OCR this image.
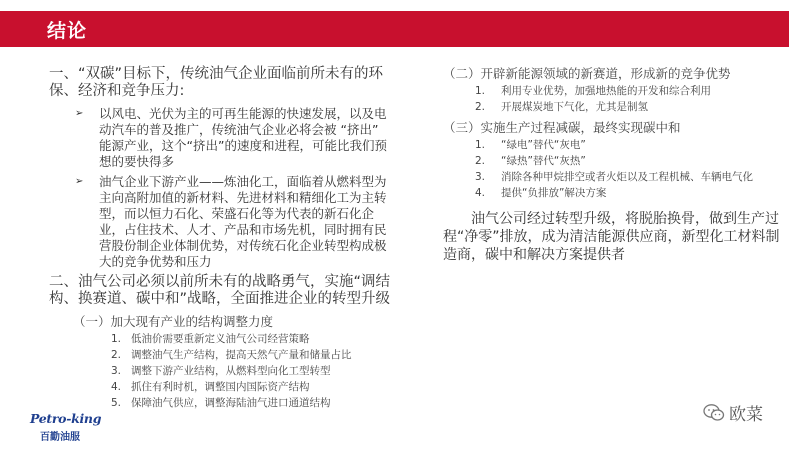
结论
一、“双碳”目标下，传统油气企业面临前所未有的环保、经济和竞争压力:
➢	以风电、光伏为主的可再生能源的快速发展，以及电动汽车的普及推广，传统油气企业必将会被 “挤出” 能源产业，这个“挤出”的速度和进程，可能比我们预想的要快得多
➢	油气企业下游产业——炼油化工，面临着从燃料型为主向高附加值的新材料、先进材料和精细化工为主转型，而以恒力石化、荣盛石化等为代表的新石化企业，占住技术、人才、产品和市场先机，同时拥有民营股份制企业体制优势，对传统石化企业转型构成极大的竞争优势和压力
二、油气公司必须以前所未有的战略勇气，实施“调结构、换赛道、碳中和”战略，全面推进企业的转型升级
（一）加大现有产业的结构调整力度
1. 低油价需要重新定义油气公司经营策略
2. 调整油气生产结构，提高天然气产量和储量占比
3. 调整下游产业结构，从燃料型向化工型转型
4. 抓住有利时机，调整国内国际资产结构
5. 保障油气供应，调整海陆油气进口通道结构
（二）开辟新能源领域的新赛道，形成新的竞争优势
1.	利用专业优势，加强地热能的开发和综合利用
2.	开展煤炭地下气化，尤其是制氢
（三）实施生产过程减碳，最终实现碳中和
1.	“绿电”替代“灰电”
2.	“绿热”替代“灰热”
3.	消除各种甲烷排空或者火炬以及工程机械、车辆电气化
4.	提供“负排放”解决方案
油气公司经过转型升级，将脱胎换骨，做到生产过程“净零”排放，成为清洁能源供应商，新型化工材料制造商，碳中和解决方案提供者
Petro-king
百勤油服
欧菜
